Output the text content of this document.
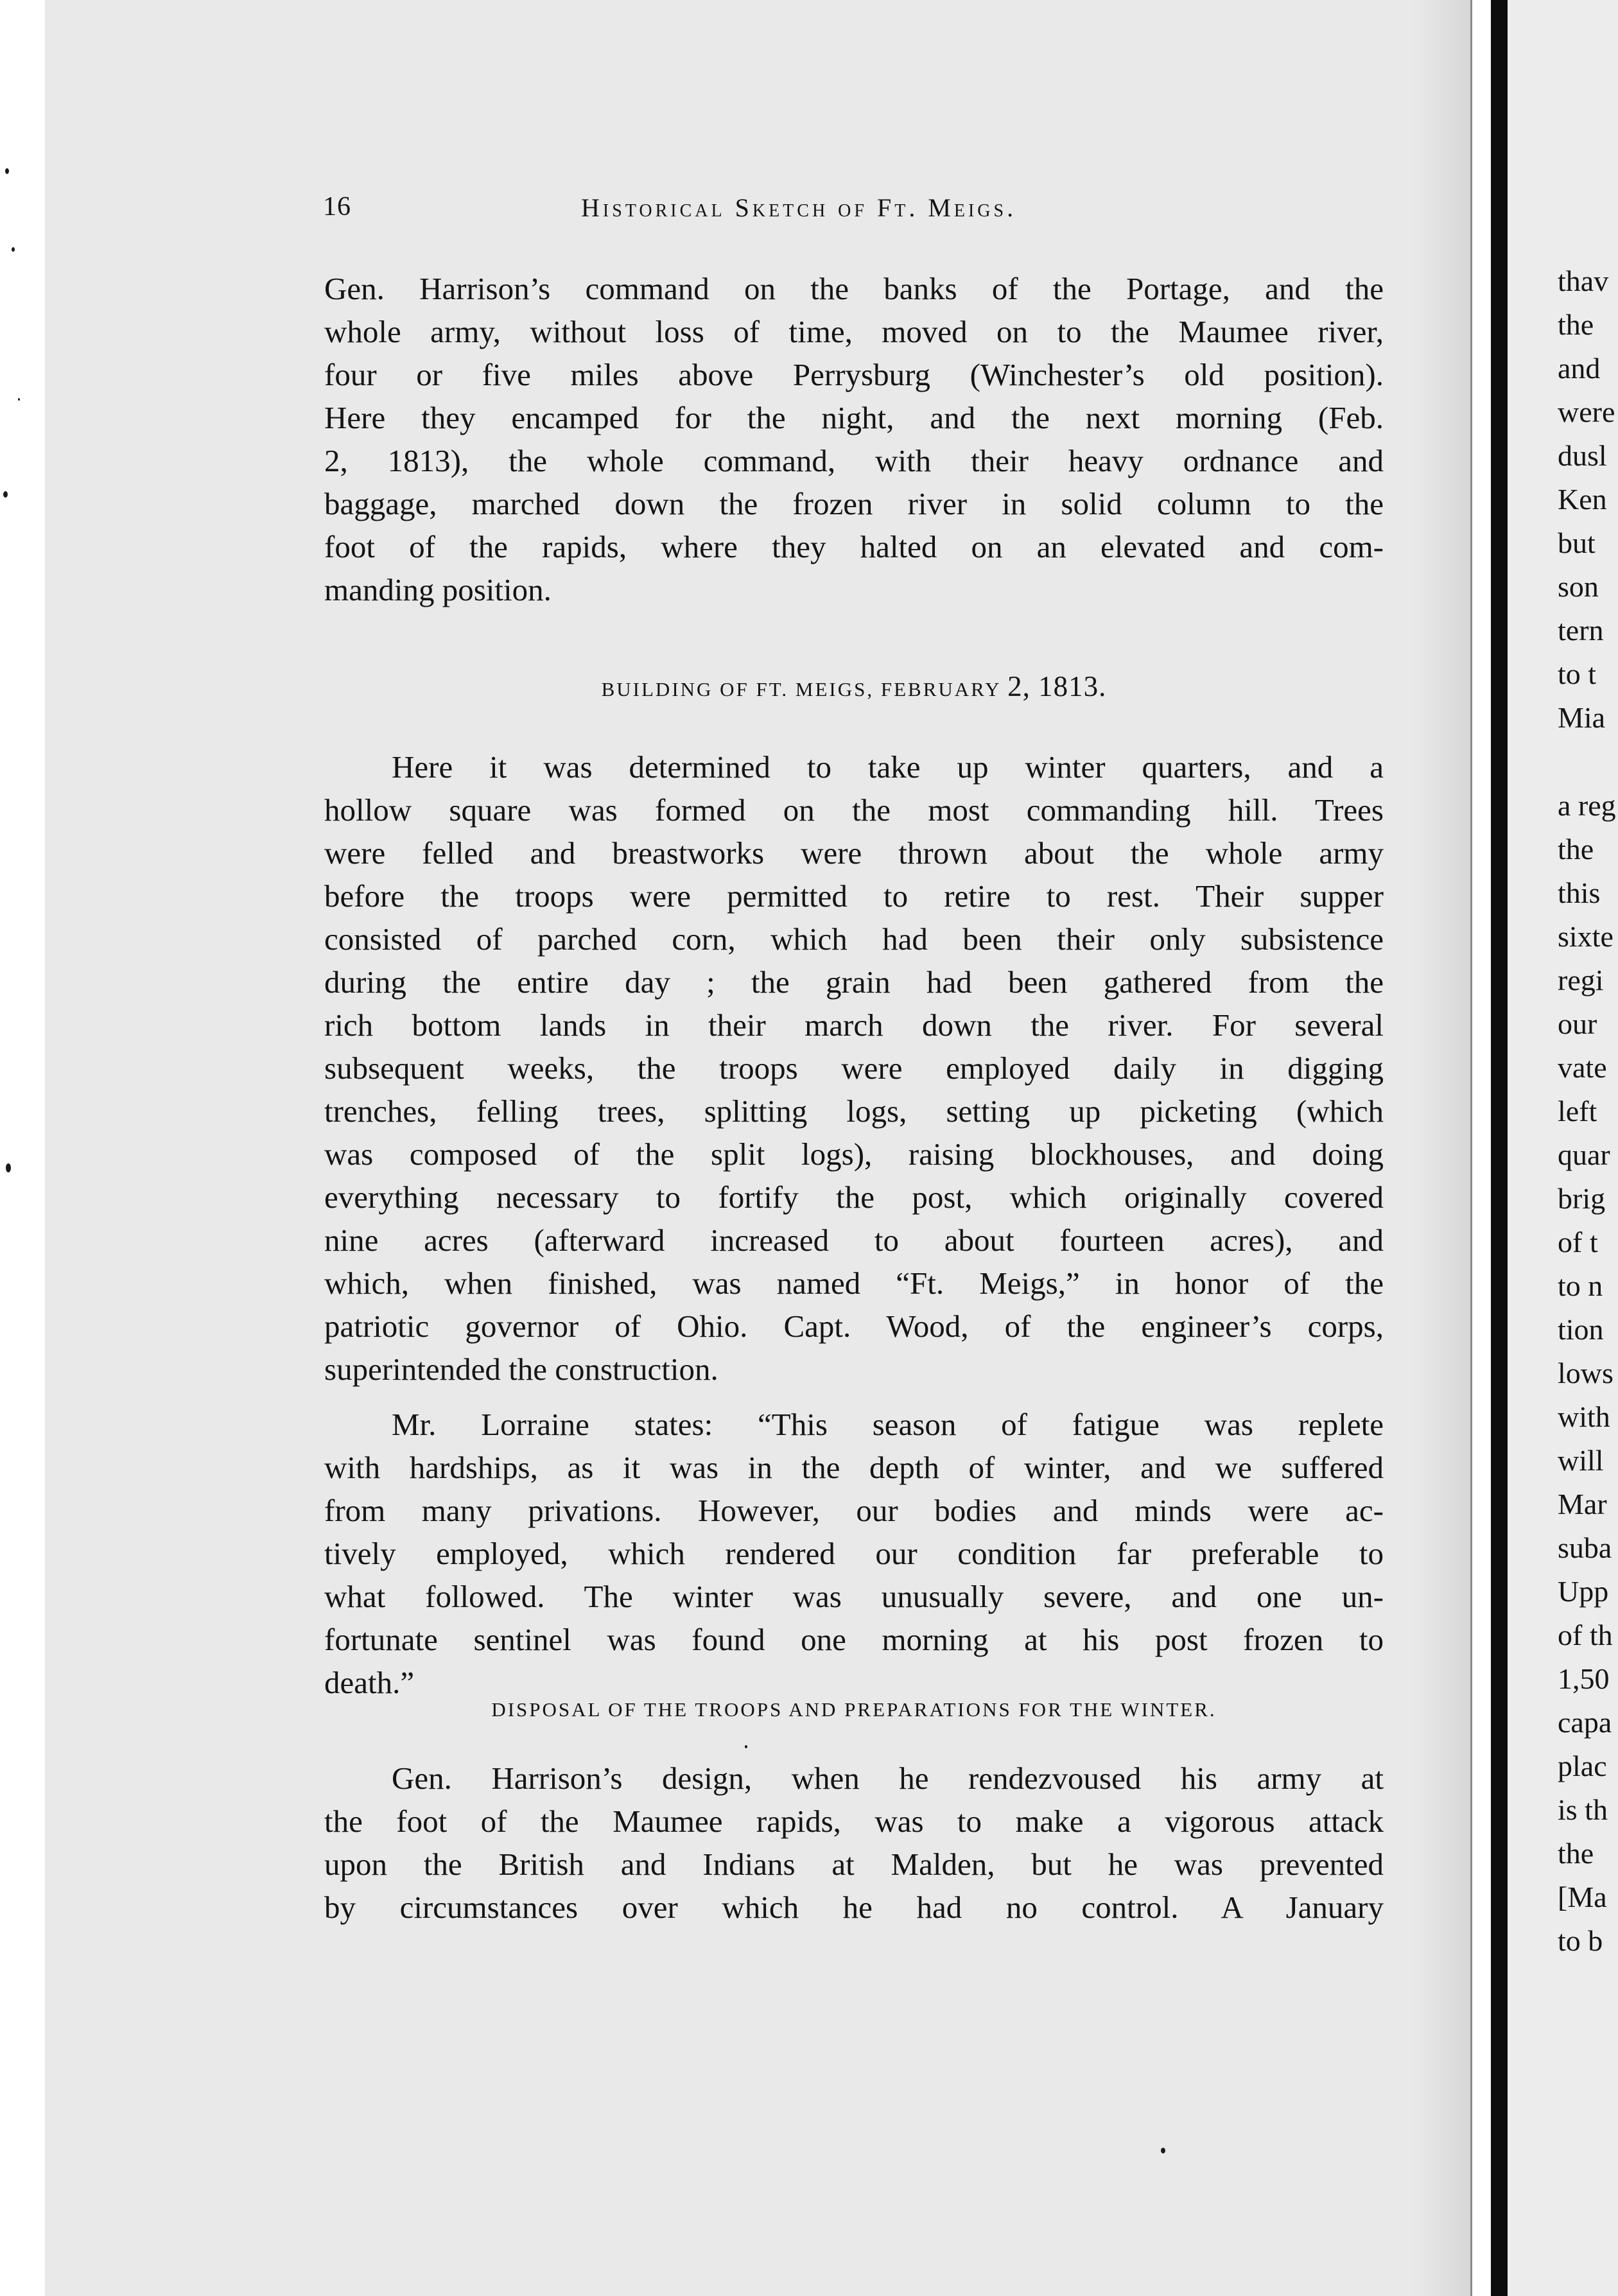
thav
the
and
were
dusl
Ken
but
son
tern
to t
Mia
a reg
the
this
sixte
regi
our
vate
left
quar
brig
of t
to n
tion
lows
with
will
Mar
suba
Upp
of th
1,50
capa
plac
is th
the
[Ma
to b
16	Historical Sketch of Ft. Meigs.
Gen. Harrison’s command on the banks of the Portage, and the
whole army, without loss of time, moved on to the Maumee river,
four or five miles above Perrysburg (Winchester’s old position).
Here they encamped for the night, and the next morning (Feb.
2, 1813), the whole command, with their heavy ordnance and
baggage, marched down the frozen river in solid column to the
foot of the rapids, where they halted on an elevated and com-
manding position.
BUILDING OF FT. MEIGS, FEBRUARY 2, 1813.
Here it was determined to take up winter quarters, and a
hollow square was formed on the most commanding hill. Trees
were felled and breastworks were thrown about the whole army
before the troops were permitted to retire to rest. Their supper
consisted of parched corn, which had been their only subsistence
during the entire day ; the grain had been gathered from the
rich bottom lands in their march down the river. For several
subsequent weeks, the troops were employed daily in digging
trenches, felling trees, splitting logs, setting up picketing (which
was composed of the split logs), raising blockhouses, and doing
everything necessary to fortify the post, which originally covered
nine acres (afterward increased to about fourteen acres), and
which, when finished, was named “Ft. Meigs,” in honor of the
patriotic governor of Ohio. Capt. Wood, of the engineer’s corps,
superintended the construction.
Mr. Lorraine states: “This season of fatigue was replete
with hardships, as it was in the depth of winter, and we suffered
from many privations. However, our bodies and minds were ac-
tively employed, which rendered our condition far preferable to
what followed. The winter was unusually severe, and one un-
fortunate sentinel was found one morning at his post frozen to
death.”
DISPOSAL OF THE TROOPS AND PREPARATIONS FOR THE WINTER.
Gen. Harrison’s design, when he rendezvoused his army at
the foot of the Maumee rapids, was to make a vigorous attack
upon the British and Indians at Malden, but he was prevented
by circumstances over which he had no control. A January
